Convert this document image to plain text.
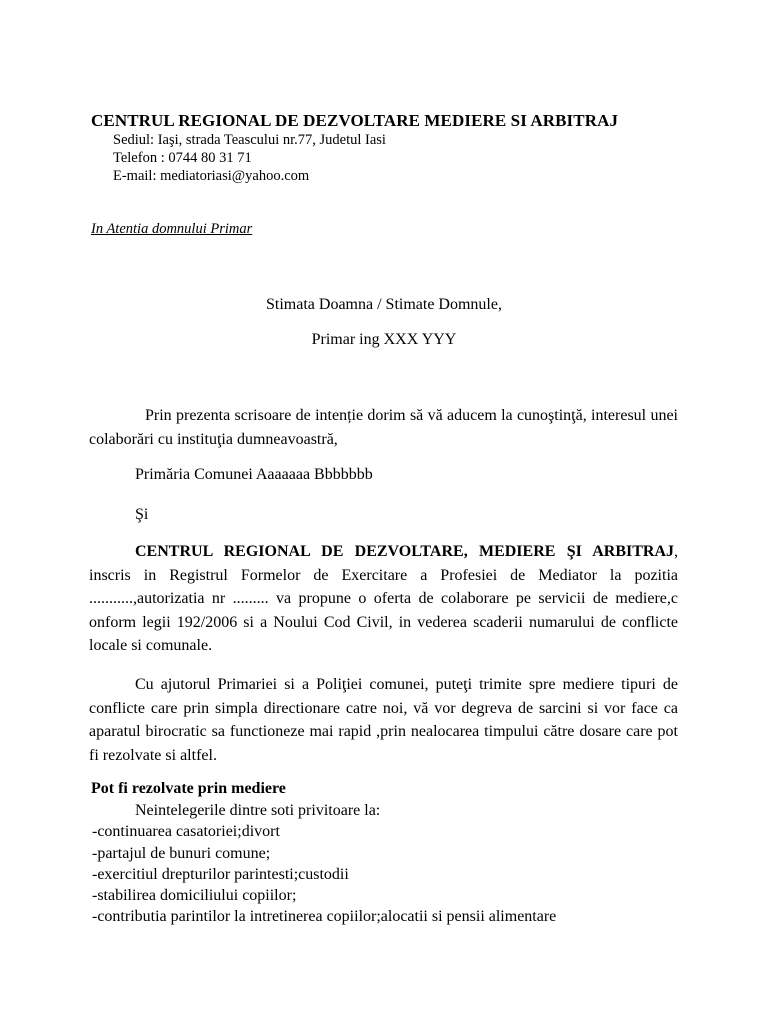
CENTRUL REGIONAL DE DEZVOLTARE MEDIERE SI ARBITRAJ
Sediul: Iaşi, strada Teascului nr.77, Judetul Iasi
Telefon : 0744 80 31 71
E-mail: mediatoriasi@yahoo.com
In Atentia domnului Primar
Stimata Doamna / Stimate Domnule,
Primar ing XXX YYY

Prin prezenta scrisoare de intenție dorim să vă aducem la cunoştinţă, interesul unei colaborări cu instituţia dumneavoastră,

Primăria Comunei Aaaaaaa Bbbbbbb
Şi

CENTRUL REGIONAL DE DEZVOLTARE, MEDIERE ŞI ARBITRAJ, inscris in Registrul Formelor de Exercitare a Profesiei de Mediator la pozitia ...........,autorizatia nr ......... va propune o oferta de colaborare pe servicii de mediere,c onform legii 192/2006 si a Noului Cod Civil, in vederea scaderii numarului de conflicte locale si comunale.

Cu ajutorul Primariei si a Poliţiei comunei, puteţi trimite spre mediere tipuri de conflicte care prin simpla directionare catre noi, vă vor degreva de sarcini si vor face ca aparatul birocratic sa functioneze mai rapid ,prin nealocarea timpului către dosare care pot fi rezolvate si altfel.

Pot fi rezolvate prin mediere
Neintelegerile dintre soti privitoare la:
-continuarea casatoriei;divort
-partajul de bunuri comune;
-exercitiul drepturilor parintesti;custodii
-stabilirea domiciliului copiilor;
-contributia parintilor la intretinerea copiilor;alocatii si pensii alimentare
